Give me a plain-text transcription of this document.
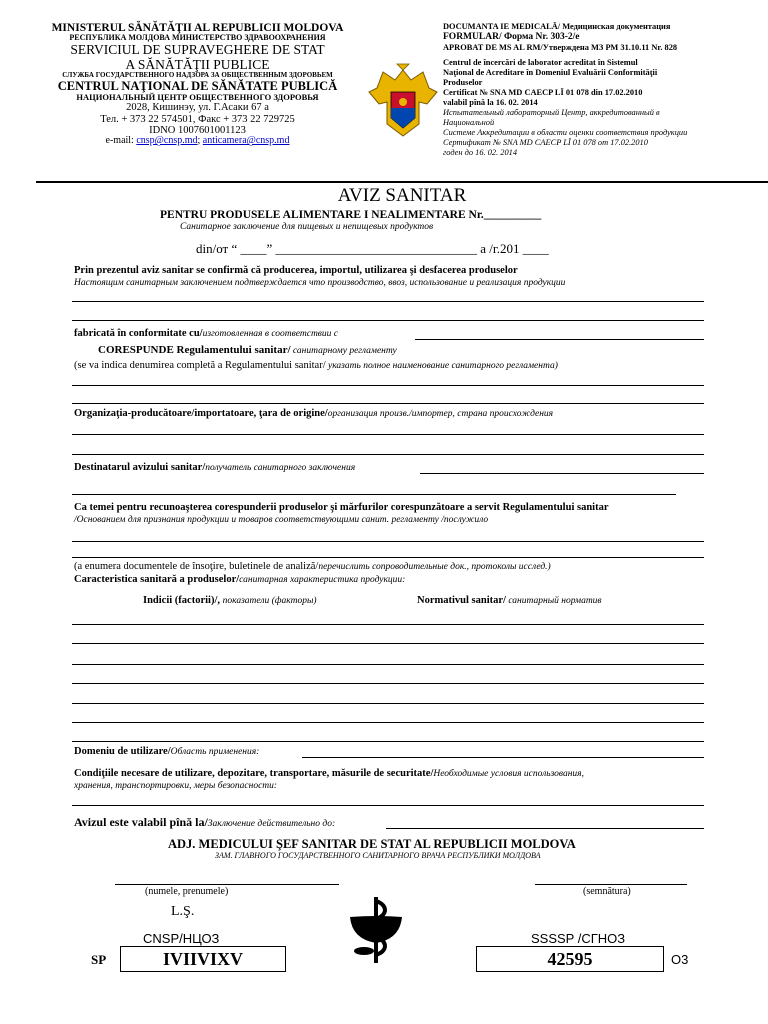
MINISTERUL SĂNĂTĂŢII AL REPUBLICII MOLDOVA
РЕСПУБЛИКА МОЛДОВА МИНИСТЕРСТВО ЗДРАВООХРАНЕНИЯ
SERVICIUL DE SUPRAVEGHERE DE STAT
A SĂNĂTĂŢII PUBLICE
СЛУЖБА ГОСУДАРСТВЕННОГО НАДЗОРА ЗА ОБЩЕСТВЕННЫМ ЗДОРОВЬЕМ
CENTRUL NAŢIONAL DE SĂNĂTATE PUBLICĂ
НАЦИОНАЛЬНЫЙ ЦЕНТР ОБЩЕСТВЕННОГО ЗДОРОВЬЯ
2028, Кишинэу, ул. Г.Асаки 67 а
Тел. + 373 22 574501, Факс + 373 22 729725
IDNO 1007601001123
e-mail: cnsp@cnsp.md; anticamera@cnsp.md
DOCUMANTA IE MEDICALĂ/ Медицинская документация
FORMULAR/ Форма Nr. 303-2/e
APROBAT DE MS AL RM/Утверждена МЗ РМ 31.10.11 Nr. 828
Centrul de încercări de laborator acreditat în Sistemul
Naţional de Acreditare în Domeniul Evaluării Conformităţii
Produselor
Certificat № SNA MD CAECP LÎ 01 078 din 17.02.2010
valabil pînă la 16. 02. 2014
Испытательный лабораторный Центр, аккредитованный в
Национальной
Системе Аккредитации в области оценки соответствия продукции
Сертификат № SNA MD CAECP LÎ 01 078 от 17.02.2010
годен до 16. 02. 2014
AVIZ SANITAR
PENTRU PRODUSELE ALIMENTARE I NEALIMENTARE Nr.__________
Санитарное заключение для пищевых и непищевых продуктов
din/от “ ____” _______________________________ a /г.201 ____
Prin prezentul aviz sanitar se confirmă că producerea, importul, utilizarea şi desfacerea produselor
Настоящим санитарным заключением подтверждается что производство, ввоз, использование и реализация продукции
fabricată în conformitate cu/изготовленная в соответствии с
CORESPUNDE Regulamentului sanitar/ санитарному регламенту
(se va indica denumirea completă a Regulamentului sanitar/ указать полное наименование санитарного регламента)
Organizaţia-producătoare/importatoare, ţara de origine/организация произв./импортер, страна происхождения
Destinatarul avizului sanitar/получатель санитарного заключения
Ca temei pentru recunoaşterea corespunderii produselor şi mărfurilor corespunzătoare a servit Regulamentului sanitar
/Основанием для признания продукции и товаров соответствующими санит. регламенту /послужило
(a enumera documentele de însoţire, buletinele de analiză/перечислить сопроводительные док., протоколы исслед.)
Caracteristica sanitară a produselor/санитарная характеристика продукции:
Indicii (factorii)/, показатели (факторы)	Normativul sanitar/ санитарный норматив
Domeniu de utilizare/Область применения:
Condiţiile necesare de utilizare, depozitare, transportare, măsurile de securitate/Необходимые условия использования,
хранения, транспортировки, меры безопасности:
Avizul este valabil pînă la/Заключение действительно до:
ADJ. MEDICULUI ŞEF SANITAR DE STAT AL REPUBLICII MOLDOVA
ЗАМ. ГЛАВНОГО ГОСУДАРСТВЕННОГО САНИТАРНОГО ВРАЧА РЕСПУБЛИКИ МОЛДОВА
(numele, prenumele)	(semnătura)
L.Ş.
CNSP/НЦОЗ	SSSSP /СГНОЗ
SP	IVIIVIXV	42595	O3
